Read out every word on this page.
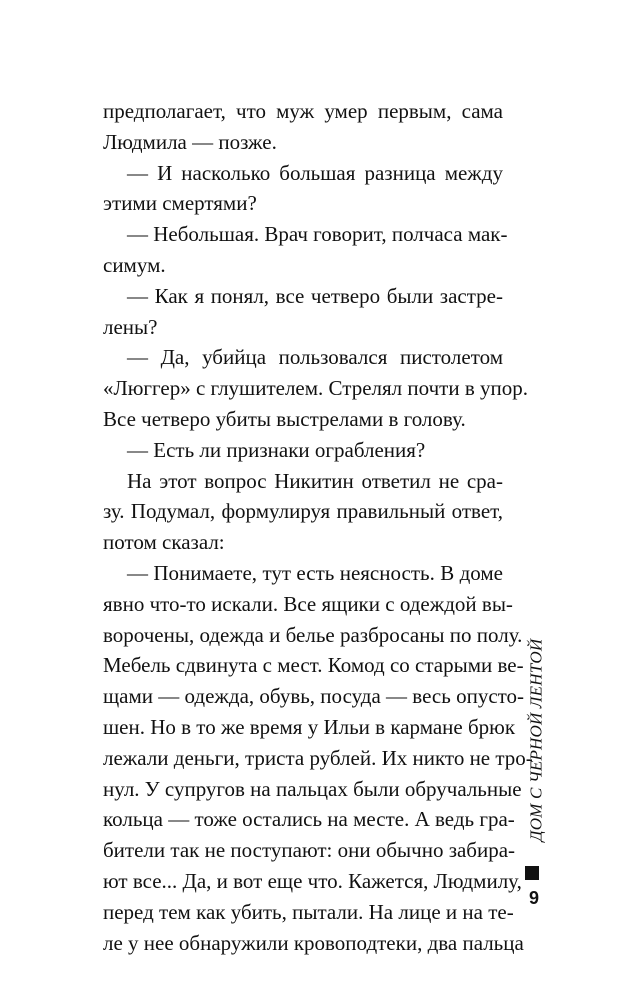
предполагает, что муж умер первым, сама
Людмила — позже.
— И насколько большая разница между
этими смертями?
— Небольшая. Врач говорит, полчаса мак-
симум.
— Как я понял, все четверо были застре-
лены?
— Да, убийца пользовался пистолетом
«Люггер» с глушителем. Стрелял почти в упор.
Все четверо убиты выстрелами в голову.
— Есть ли признаки ограбления?
На этот вопрос Никитин ответил не сра-
зу. Подумал, формулируя правильный ответ,
потом сказал:
— Понимаете, тут есть неясность. В доме
явно что-то искали. Все ящики с одеждой вы-
ворочены, одежда и белье разбросаны по полу.
Мебель сдвинута с мест. Комод со старыми ве-
щами — одежда, обувь, посуда — весь опусто-
шен. Но в то же время у Ильи в кармане брюк
лежали деньги, триста рублей. Их никто не тро-
нул. У супругов на пальцах были обручальные
кольца — тоже остались на месте. А ведь гра-
бители так не поступают: они обычно забира-
ют все... Да, и вот еще что. Кажется, Людмилу,
перед тем как убить, пытали. На лице и на те-
ле у нее обнаружили кровоподтеки, два пальца
ДОМ С ЧЕРНОЙ ЛЕНТОЙ
9
